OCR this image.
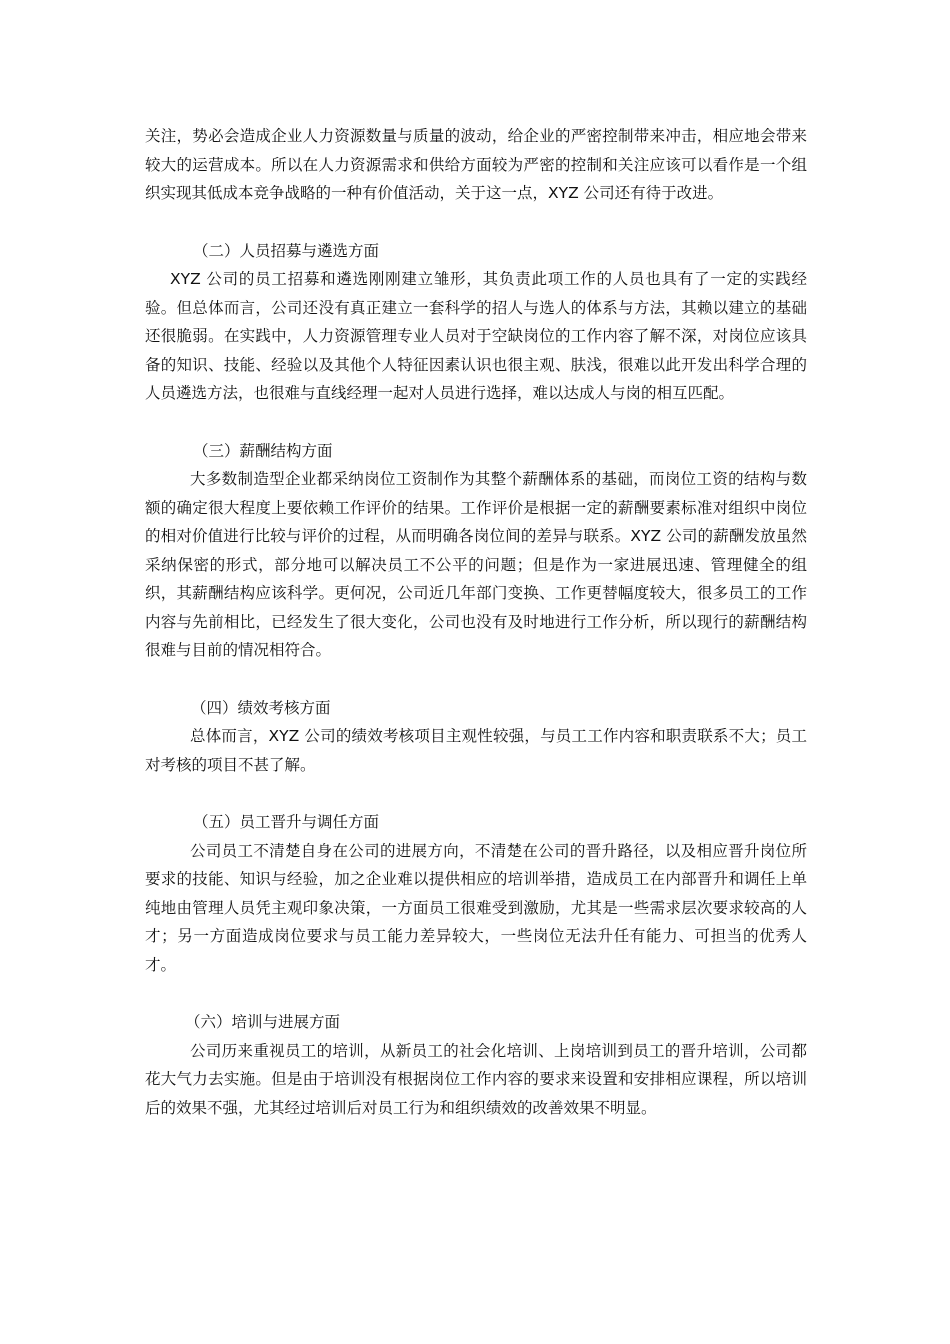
关注，势必会造成企业人力资源数量与质量的波动，给企业的严密控制带来冲击，相应地会带来较大的运营成本。所以在人力资源需求和供给方面较为严密的控制和关注应该可以看作是一个组织实现其低成本竞争战略的一种有价值活动，关于这一点，XYZ 公司还有待于改进。

（二）人员招募与遴选方面

XYZ 公司的员工招募和遴选刚刚建立雏形，其负责此项工作的人员也具有了一定的实践经验。但总体而言，公司还没有真正建立一套科学的招人与选人的体系与方法，其赖以建立的基础还很脆弱。在实践中，人力资源管理专业人员对于空缺岗位的工作内容了解不深，对岗位应该具备的知识、技能、经验以及其他个人特征因素认识也很主观、肤浅，很难以此开发出科学合理的人员遴选方法，也很难与直线经理一起对人员进行选择，难以达成人与岗的相互匹配。

（三）薪酬结构方面

大多数制造型企业都采纳岗位工资制作为其整个薪酬体系的基础，而岗位工资的结构与数额的确定很大程度上要依赖工作评价的结果。工作评价是根据一定的薪酬要素标准对组织中岗位的相对价值进行比较与评价的过程，从而明确各岗位间的差异与联系。XYZ 公司的薪酬发放虽然采纳保密的形式，部分地可以解决员工不公平的问题；但是作为一家进展迅速、管理健全的组织，其薪酬结构应该科学。更何况，公司近几年部门变换、工作更替幅度较大，很多员工的工作内容与先前相比，已经发生了很大变化，公司也没有及时地进行工作分析，所以现行的薪酬结构很难与目前的情况相符合。

（四）绩效考核方面

总体而言，XYZ 公司的绩效考核项目主观性较强，与员工工作内容和职责联系不大；员工对考核的项目不甚了解。

（五）员工晋升与调任方面

公司员工不清楚自身在公司的进展方向，不清楚在公司的晋升路径，以及相应晋升岗位所要求的技能、知识与经验，加之企业难以提供相应的培训举措，造成员工在内部晋升和调任上单纯地由管理人员凭主观印象决策，一方面员工很难受到激励，尤其是一些需求层次要求较高的人才；另一方面造成岗位要求与员工能力差异较大，一些岗位无法升任有能力、可担当的优秀人才。

（六）培训与进展方面

公司历来重视员工的培训，从新员工的社会化培训、上岗培训到员工的晋升培训，公司都花大气力去实施。但是由于培训没有根据岗位工作内容的要求来设置和安排相应课程，所以培训后的效果不强，尤其经过培训后对员工行为和组织绩效的改善效果不明显。
